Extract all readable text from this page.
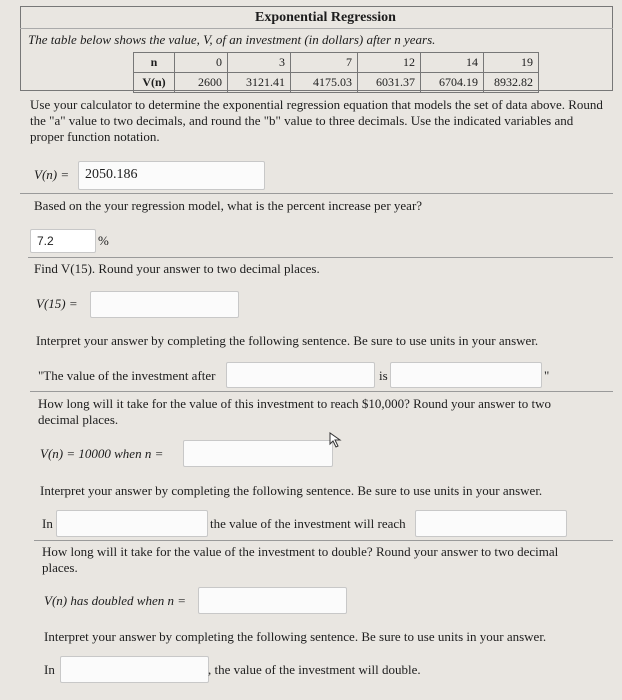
Exponential Regression
The table below shows the value, V, of an investment (in dollars) after n years.
n	0	3	7	12	14	19
V(n)	2600	3121.41	4175.03	6031.37	6704.19	8932.82
Use your calculator to determine the exponential regression equation that models the set of data above. Round the "a" value to two decimals, and round the "b" value to three decimals. Use the indicated variables and proper function notation.
V(n) = 2050.186
Based on the your regression model, what is the percent increase per year?
7.2	%
Find V(15). Round your answer to two decimal places.
V(15) =
Interpret your answer by completing the following sentence. Be sure to use units in your answer.
"The value of the investment after	is	"
How long will it take for the value of this investment to reach $10,000? Round your answer to two decimal places.
V(n) = 10000 when n =
Interpret your answer by completing the following sentence. Be sure to use units in your answer.
In	the value of the investment will reach
How long will it take for the value of the investment to double? Round your answer to two decimal places.
V(n) has doubled when n =
Interpret your answer by completing the following sentence. Be sure to use units in your answer.
In	, the value of the investment will double.
